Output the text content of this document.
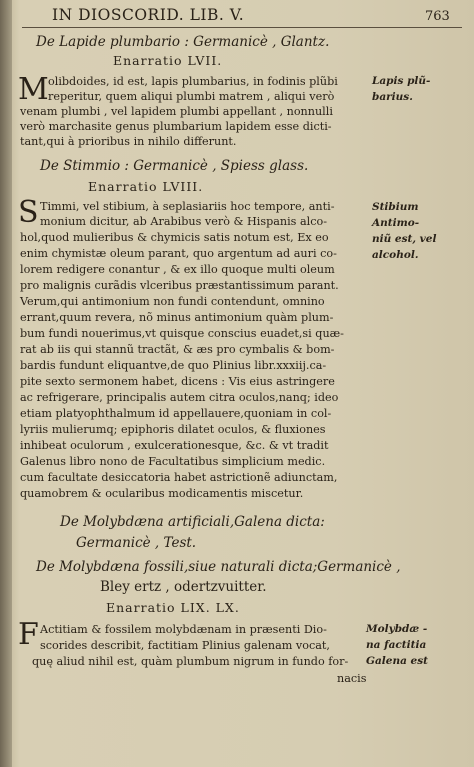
IN DIOSCORID. LIB. V.	763
De Lapide plumbario : Germanicè , Glantz.
Enarratio LVII.
M olibdoides, id est, lapis plumbarius, in fodinis plũbi
reperitur, quem aliqui plumbi matrem , aliqui verò
venam plumbi , vel lapidem plumbi appellant , nonnulli
verò marchasite genus plumbarium lapidem esse dicti-
tant,qui à prioribus in nihilo differunt.
Lapis plũ-
barius.
De Stimmio : Germanicè , Spiess glass.
Enarratio LVIII.
S Timmi, vel stibium, à seplasiariis hoc tempore, anti-
monium dicitur, ab Arabibus verò & Hispanis alco-
hol,quod mulieribus & chymicis satis notum est, Ex eo
enim chymistæ oleum parant, quo argentum ad auri co-
lorem redigere conantur , & ex illo quoque multi oleum
pro malignis curãdis vlceribus præstantissimum parant.
Verum,qui antimonium non fundi contendunt, omnino
errant,quum revera, nõ minus antimonium quàm plum-
bum fundi nouerimus,vt quisque conscius euadet,si quæ-
rat ab iis qui stannũ tractãt, & æs pro cymbalis & bom-
bardis fundunt eliquantve,de quo Plinius libr.xxxiij.ca-
pite sexto sermonem habet, dicens : Vis eius astringere
ac refrigerare, principalis autem citra oculos,nanq; ideo
etiam platyophthalmum id appellauere,quoniam in col-
lyriis mulierumq; epiphoris dilatet oculos, & fluxiones
inhibeat oculorum , exulcerationesque, &c. & vt tradit
Galenus libro nono de Facultatibus simplicium medic.
cum facultate desiccatoria habet astrictionẽ adiunctam,
quamobrem & ocularibus modicamentis miscetur.
Stibium
Antimo-
niũ est, vel
alcohol.
De Molybdæna artificiali,Galena dicta:
Germanicè , Test.
De Molybdæna fossili,siue naturali dicta;Germanicè ,
Bley ertz , odertzvuitter.
Enarratio LIX. LX.
F Actitiam & fossilem molybdænam in præsenti Dio-
scorides describit, factitiam Plinius galenam vocat,
quę aliud nihil est, quàm plumbum nigrum in fundo for-
nacis
Molybdæ -
na factitia
Galena est
